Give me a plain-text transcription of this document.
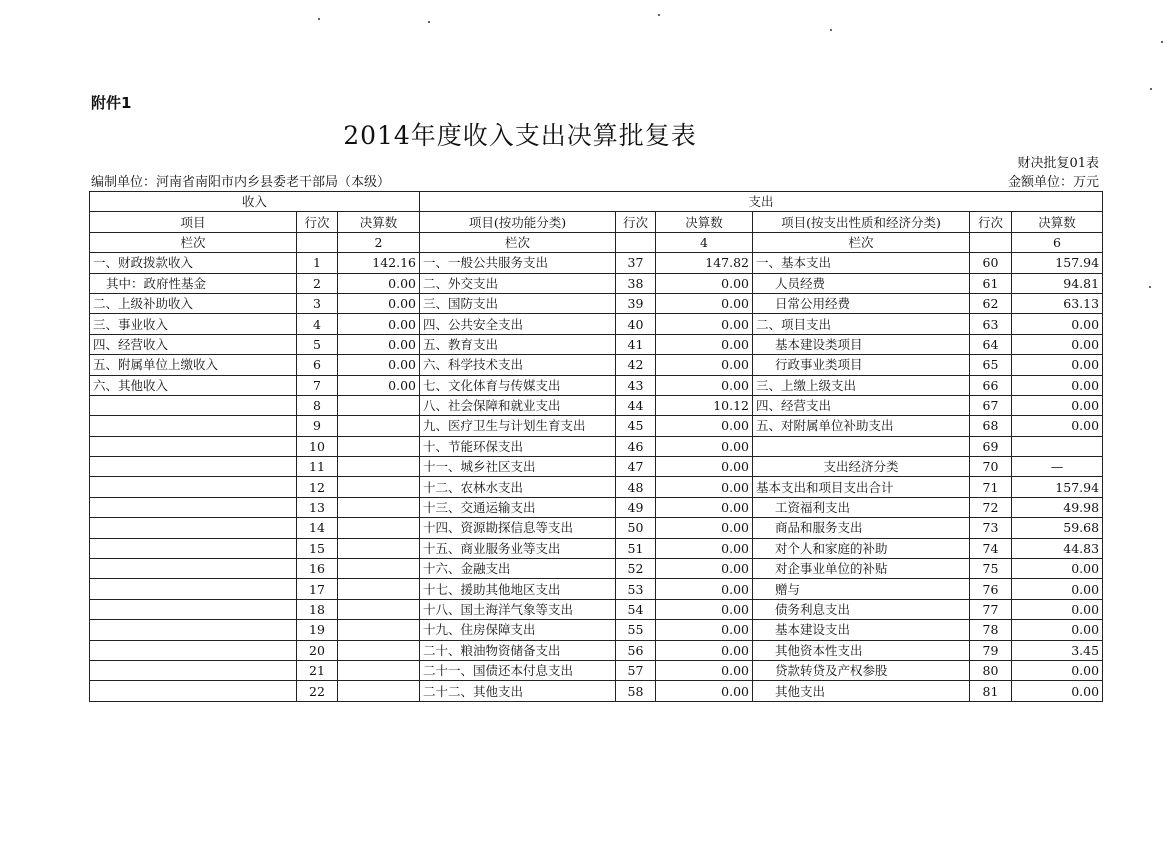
附件1
2014年度收入支出决算批复表
财决批复01表
编制单位：河南省南阳市内乡县委老干部局（本级）	金额单位：万元
收入			支出					
项目	行次	决算数	项目(按功能分类)	行次	决算数	项目(按支出性质和经济分类)	行次	决算数
栏次		2	栏次		4	栏次		6
一、财政拨款收入	1	142.16	一、一般公共服务支出	37	147.82	一、基本支出	60	157.94
其中：政府性基金	2	0.00	二、外交支出	38	0.00	人员经费	61	94.81
二、上级补助收入	3	0.00	三、国防支出	39	0.00	日常公用经费	62	63.13
三、事业收入	4	0.00	四、公共安全支出	40	0.00	二、项目支出	63	0.00
四、经营收入	5	0.00	五、教育支出	41	0.00	基本建设类项目	64	0.00
五、附属单位上缴收入	6	0.00	六、科学技术支出	42	0.00	行政事业类项目	65	0.00
六、其他收入	7	0.00	七、文化体育与传媒支出	43	0.00	三、上缴上级支出	66	0.00
	8		八、社会保障和就业支出	44	10.12	四、经营支出	67	0.00
	9		九、医疗卫生与计划生育支出	45	0.00	五、对附属单位补助支出	68	0.00
	10		十、节能环保支出	46	0.00		69	
	11		十一、城乡社区支出	47	0.00	支出经济分类	70	—
	12		十二、农林水支出	48	0.00	基本支出和项目支出合计	71	157.94
	13		十三、交通运输支出	49	0.00	工资福利支出	72	49.98
	14		十四、资源勘探信息等支出	50	0.00	商品和服务支出	73	59.68
	15		十五、商业服务业等支出	51	0.00	对个人和家庭的补助	74	44.83
	16		十六、金融支出	52	0.00	对企事业单位的补贴	75	0.00
	17		十七、援助其他地区支出	53	0.00	赠与	76	0.00
	18		十八、国土海洋气象等支出	54	0.00	债务利息支出	77	0.00
	19		十九、住房保障支出	55	0.00	基本建设支出	78	0.00
	20		二十、粮油物资储备支出	56	0.00	其他资本性支出	79	3.45
	21		二十一、国债还本付息支出	57	0.00	贷款转贷及产权参股	80	0.00
	22		二十二、其他支出	58	0.00	其他支出	81	0.00
